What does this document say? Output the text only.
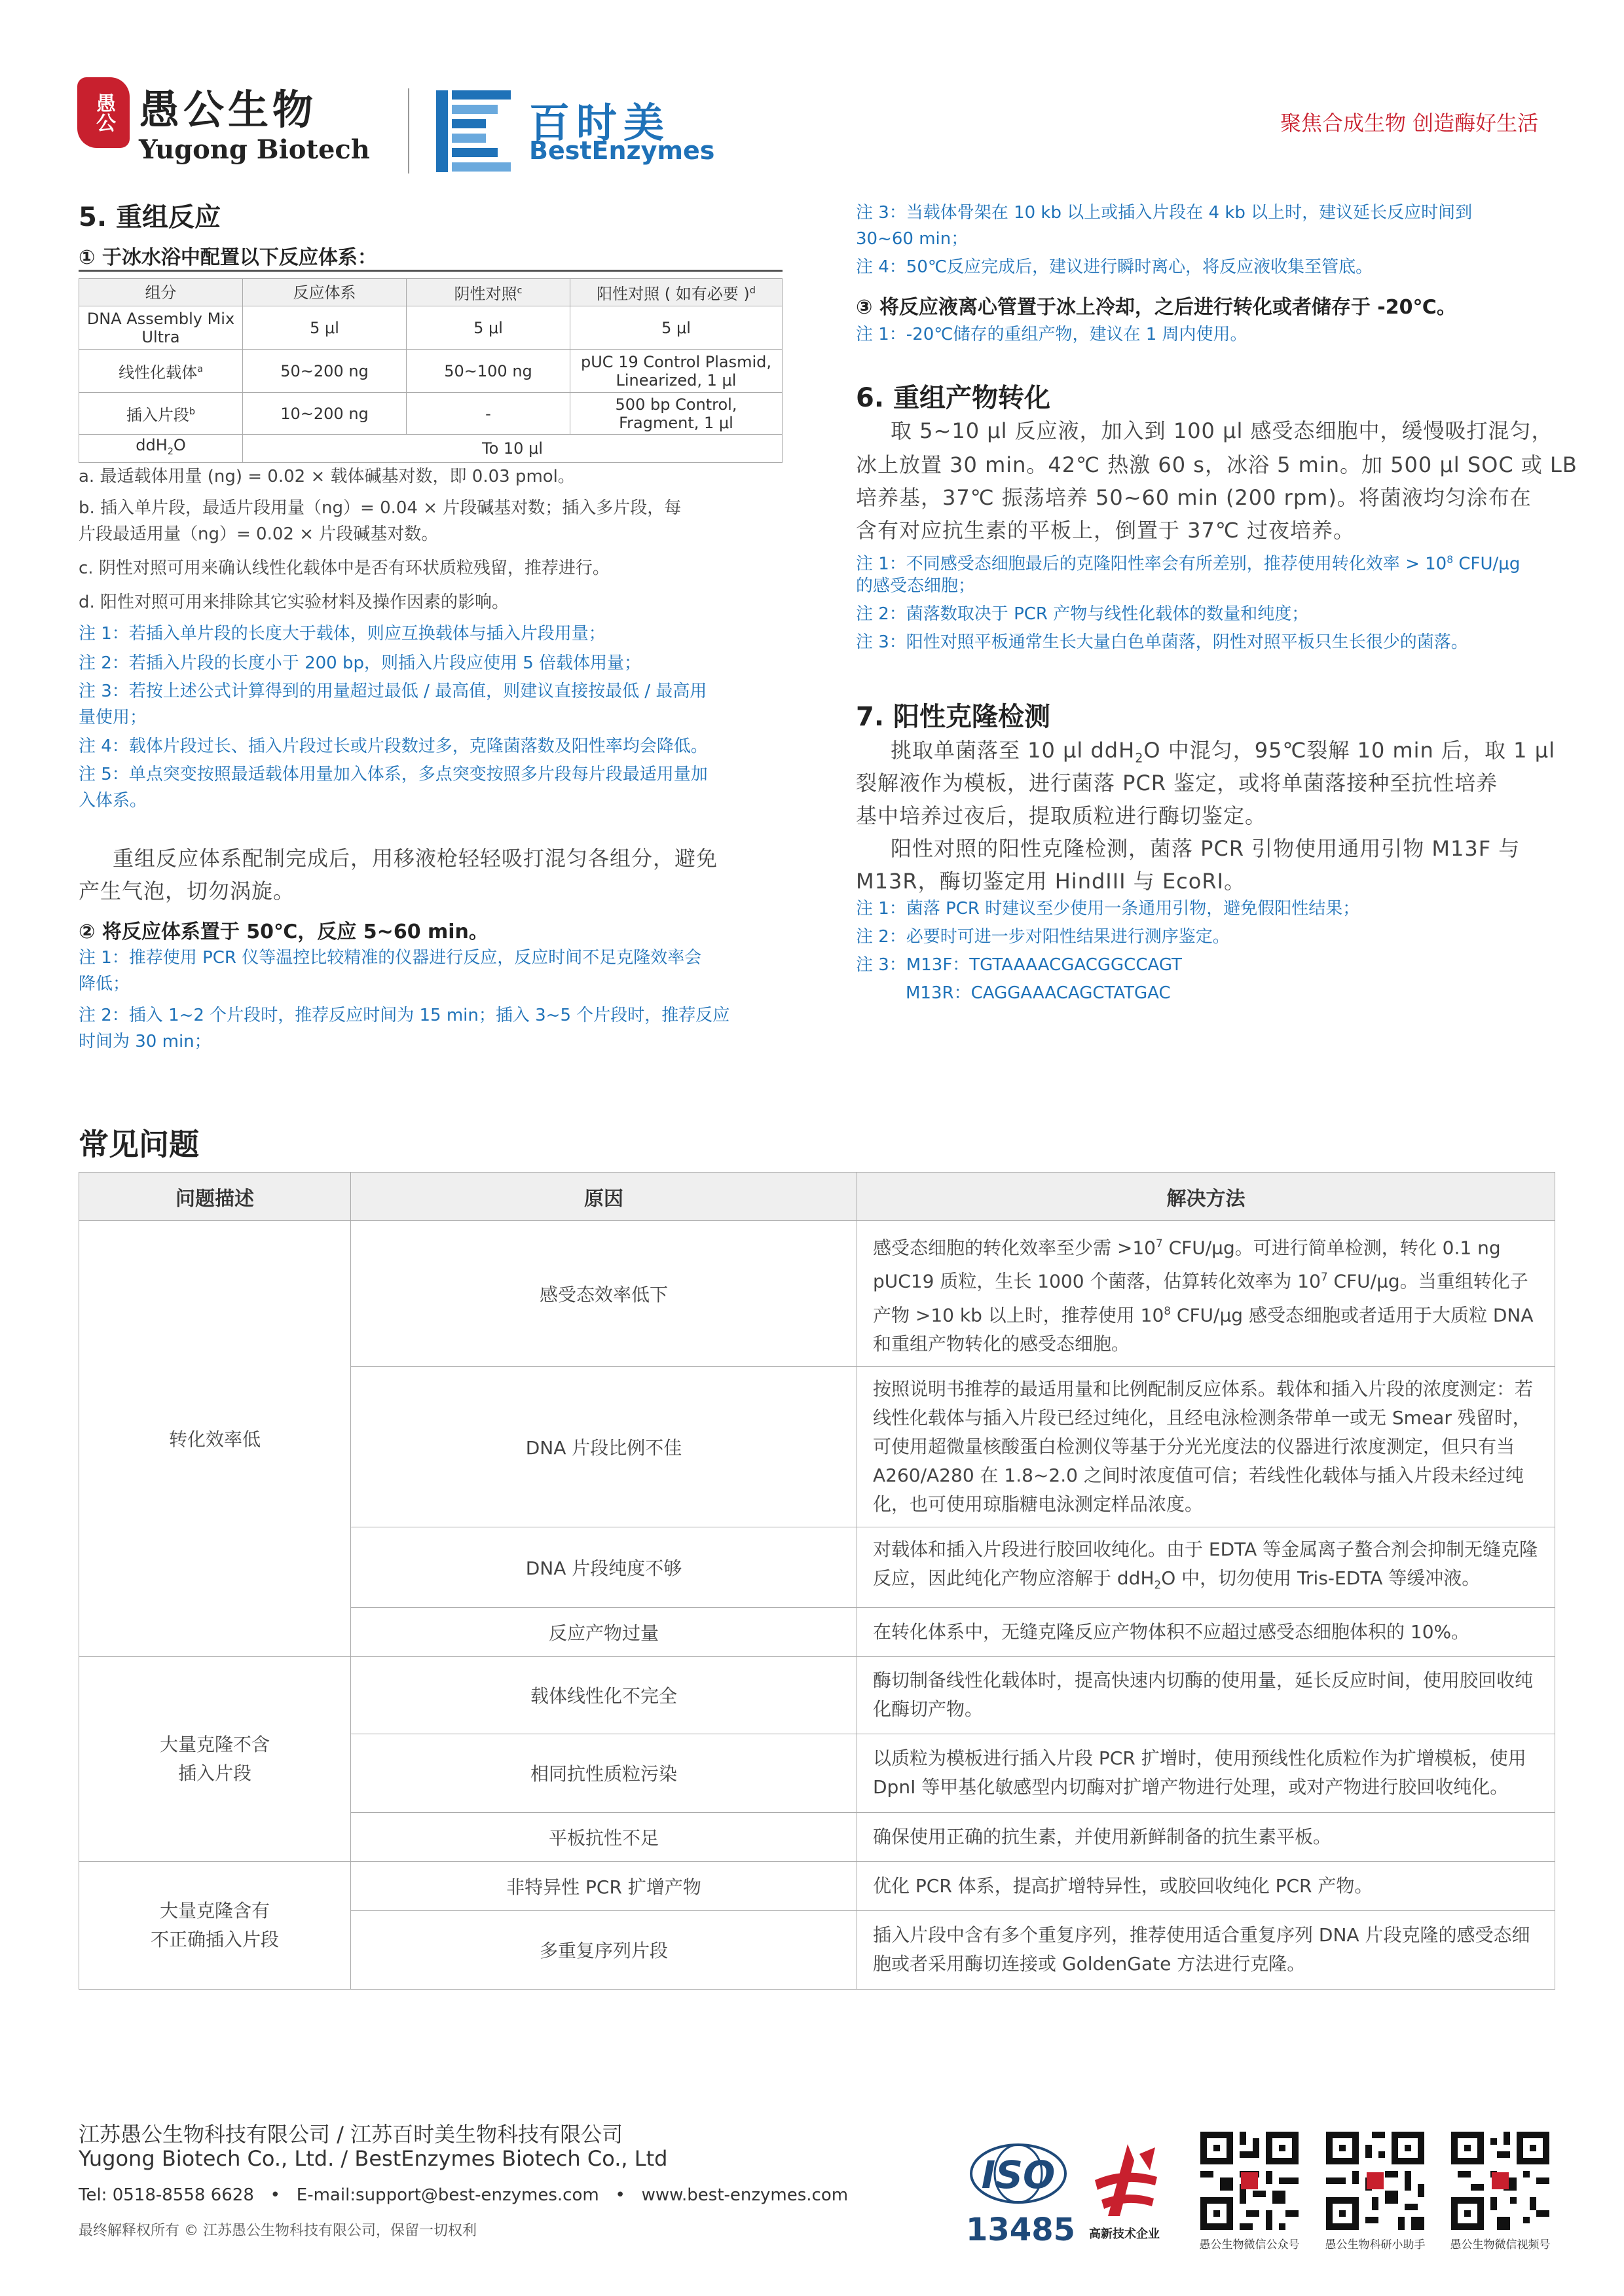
愚公 愚公生物
Yugong Biotech
百时美
BestEnzymes
聚焦合成生物 创造酶好生活
5. 重组反应
① 于冰水浴中配置以下反应体系：
组分	反应体系	阴性对照$^c$	阳性对照 ( 如有必要 )$^d$
DNA Assembly Mix Ultra	5 μl	5 μl	5 μl
线性化载体$^a$	50~200 ng	50~100 ng	pUC 19 Control Plasmid, Linearized, 1 μl
插入片段$^b$	10~200 ng	-	500 bp Control, Fragment, 1 μl
ddH$_2$O	To 10 μl		
a. 最适载体用量 (ng) = 0.02 × 载体碱基对数，即 0.03 pmol。
b. 插入单片段，最适片段用量（ng）= 0.04 × 片段碱基对数；插入多片段，每
片段最适用量（ng）= 0.02 × 片段碱基对数。
c. 阴性对照可用来确认线性化载体中是否有环状质粒残留，推荐进行。
d. 阳性对照可用来排除其它实验材料及操作因素的影响。
注 1：若插入单片段的长度大于载体，则应互换载体与插入片段用量；
注 2：若插入片段的长度小于 200 bp，则插入片段应使用 5 倍载体用量；
注 3：若按上述公式计算得到的用量超过最低 / 最高值，则建议直接按最低 / 最高用
量使用；
注 4：载体片段过长、插入片段过长或片段数过多，克隆菌落数及阳性率均会降低。
注 5：单点突变按照最适载体用量加入体系，多点突变按照多片段每片段最适用量加
入体系。
重组反应体系配制完成后，用移液枪轻轻吸打混匀各组分，避免
产生气泡，切勿涡旋。
② 将反应体系置于 50℃，反应 5~60 min。
注 1：推荐使用 PCR 仪等温控比较精准的仪器进行反应，反应时间不足克隆效率会
降低；
注 2：插入 1~2 个片段时，推荐反应时间为 15 min；插入 3~5 个片段时，推荐反应
时间为 30 min；
注 3：当载体骨架在 10 kb 以上或插入片段在 4 kb 以上时，建议延长反应时间到
30~60 min；
注 4：50℃反应完成后，建议进行瞬时离心，将反应液收集至管底。
③ 将反应液离心管置于冰上冷却，之后进行转化或者储存于 -20℃。
注 1：-20℃储存的重组产物，建议在 1 周内使用。
6. 重组产物转化
取 5~10 μl 反应液，加入到 100 μl 感受态细胞中，缓慢吸打混匀，
冰上放置 30 min。42℃ 热激 60 s，冰浴 5 min。加 500 μl SOC 或 LB
培养基，37℃ 振荡培养 50~60 min (200 rpm)。将菌液均匀涂布在
含有对应抗生素的平板上，倒置于 37℃ 过夜培养。
注 1：不同感受态细胞最后的克隆阳性率会有所差别，推荐使用转化效率 > $10^8$ CFU/μg
的感受态细胞；
注 2：菌落数取决于 PCR 产物与线性化载体的数量和纯度；
注 3：阳性对照平板通常生长大量白色单菌落，阴性对照平板只生长很少的菌落。
7. 阳性克隆检测
挑取单菌落至 10 μl ddH$_2$O 中混匀，95℃裂解 10 min 后，取 1 μl
裂解液作为模板，进行菌落 PCR 鉴定，或将单菌落接种至抗性培养
基中培养过夜后，提取质粒进行酶切鉴定。
阳性对照的阳性克隆检测，菌落 PCR 引物使用通用引物 M13F 与
M13R，酶切鉴定用 HindIII 与 EcoRI。
注 1：菌落 PCR 时建议至少使用一条通用引物，避免假阳性结果；
注 2：必要时可进一步对阳性结果进行测序鉴定。
注 3：M13F：TGTAAAACGACGGCCAGT
M13R：CAGGAAACAGCTATGAC
常见问题
问题描述	原因	解决方法
转化效率低	感受态效率低下	感受态细胞的转化效率至少需 $>10^7$ CFU/μg。可进行简单检测，转化 0.1 ng pUC19 质粒，生长 1000 个菌落，估算转化效率为 $10^7$ CFU/μg。当重组转化子产物 >10 kb 以上时，推荐使用 $10^8$ CFU/μg 感受态细胞或者适用于大质粒 DNA 和重组产物转化的感受态细胞。
	DNA 片段比例不佳	按照说明书推荐的最适用量和比例配制反应体系。载体和插入片段的浓度测定：若线性化载体与插入片段已经过纯化，且经电泳检测条带单一或无 Smear 残留时，可使用超微量核酸蛋白检测仪等基于分光光度法的仪器进行浓度测定，但只有当 A260/A280 在 1.8~2.0 之间时浓度值可信；若线性化载体与插入片段未经过纯化，也可使用琼脂糖电泳测定样品浓度。
	DNA 片段纯度不够	对载体和插入片段进行胶回收纯化。由于 EDTA 等金属离子螯合剂会抑制无缝克隆反应，因此纯化产物应溶解于 ddH$_2$O 中，切勿使用 Tris-EDTA 等缓冲液。
	反应产物过量	在转化体系中，无缝克隆反应产物体积不应超过感受态细胞体积的 10%。
大量克隆不含
插入片段	载体线性化不完全	酶切制备线性化载体时，提高快速内切酶的使用量，延长反应时间，使用胶回收纯化酶切产物。
	相同抗性质粒污染	以质粒为模板进行插入片段 PCR 扩增时，使用预线性化质粒作为扩增模板，使用 DpnI 等甲基化敏感型内切酶对扩增产物进行处理，或对产物进行胶回收纯化。
	平板抗性不足	确保使用正确的抗生素，并使用新鲜制备的抗生素平板。
大量克隆含有
不正确插入片段	非特异性 PCR 扩增产物	优化 PCR 体系，提高扩增特异性，或胶回收纯化 PCR 产物。
	多重复序列片段	插入片段中含有多个重复序列，推荐使用适合重复序列 DNA 片段克隆的感受态细胞或者采用酶切连接或 GoldenGate 方法进行克隆。
江苏愚公生物科技有限公司 / 江苏百时美生物科技有限公司
Yugong Biotech Co., Ltd. / BestEnzymes Biotech Co., Ltd
Tel: 0518-8558 6628   •   E-mail:support@best-enzymes.com   •   www.best-enzymes.com
最终解释权所有 © 江苏愚公生物科技有限公司，保留一切权利
ISO
13485	高新技术企业
愚公生物微信公众号	愚公生物科研小助手	愚公生物微信视频号
